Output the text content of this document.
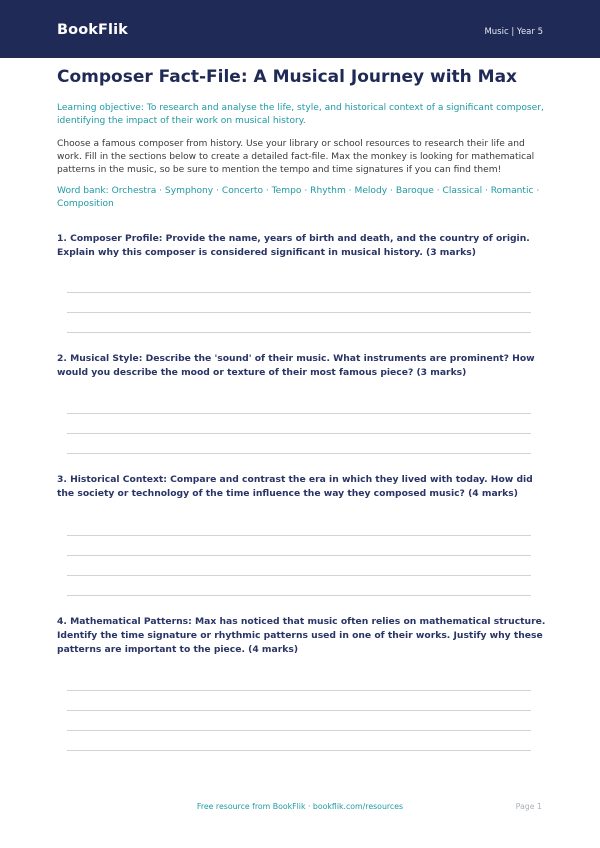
BookFlik	Music | Year 5
Composer Fact-File: A Musical Journey with Max
Learning objective: To research and analyse the life, style, and historical context of a significant composer, identifying the impact of their work on musical history.
Choose a famous composer from history. Use your library or school resources to research their life and work. Fill in the sections below to create a detailed fact-file. Max the monkey is looking for mathematical patterns in the music, so be sure to mention the tempo and time signatures if you can find them!
Word bank: Orchestra · Symphony · Concerto · Tempo · Rhythm · Melody · Baroque · Classical · Romantic · Composition
1. Composer Profile: Provide the name, years of birth and death, and the country of origin. Explain why this composer is considered significant in musical history. (3 marks)
2. Musical Style: Describe the 'sound' of their music. What instruments are prominent? How would you describe the mood or texture of their most famous piece? (3 marks)
3. Historical Context: Compare and contrast the era in which they lived with today. How did the society or technology of the time influence the way they composed music? (4 marks)
4. Mathematical Patterns: Max has noticed that music often relies on mathematical structure. Identify the time signature or rhythmic patterns used in one of their works. Justify why these patterns are important to the piece. (4 marks)
Free resource from BookFlik · bookflik.com/resources	Page 1
